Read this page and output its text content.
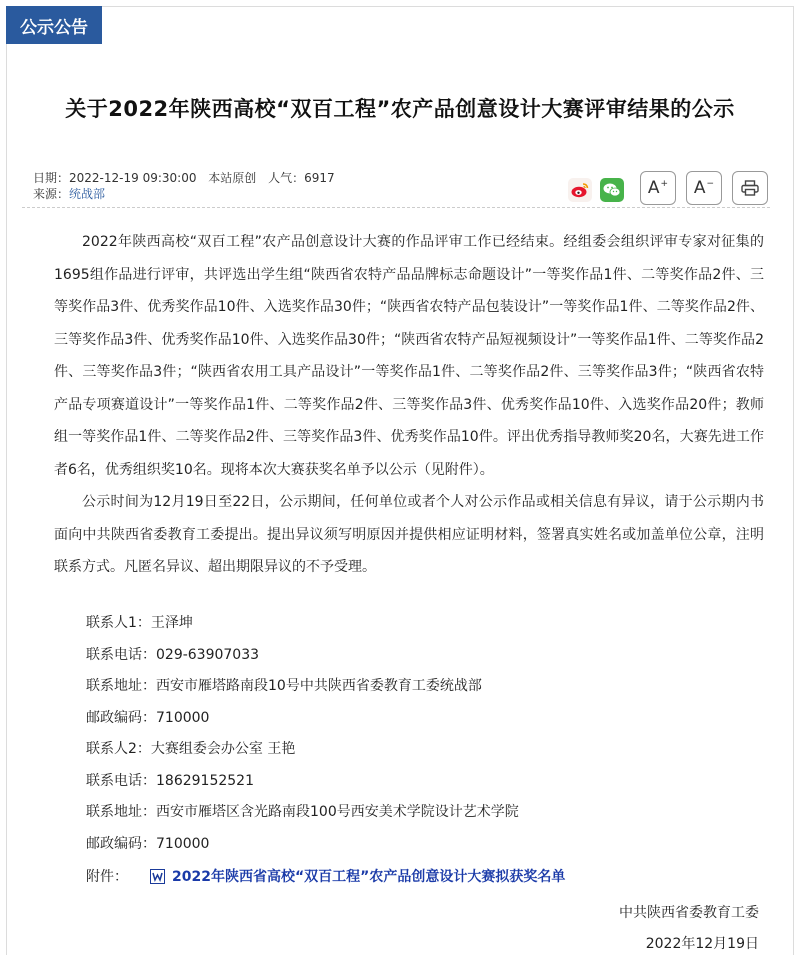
公示公告
关于2022年陕西高校“双百工程”农产品创意设计大赛评审结果的公示
日期：2022-12-19 09:30:00 本站原创 人气：6917
来源：统战部	A+ A−

2022年陕西高校“双百工程”农产品创意设计大赛的作品评审工作已经结束。经组委会组织评审专家对征集的1695组作品进行评审，共评选出学生组“陕西省农特产品品牌标志命题设计”一等奖作品1件、二等奖作品2件、三等奖作品3件、优秀奖作品10件、入选奖作品30件；“陕西省农特产品包装设计”一等奖作品1件、二等奖作品2件、三等奖作品3件、优秀奖作品10件、入选奖作品30件；“陕西省农特产品短视频设计”一等奖作品1件、二等奖作品2件、三等奖作品3件；“陕西省农用工具产品设计”一等奖作品1件、二等奖作品2件、三等奖作品3件；“陕西省农特产品专项赛道设计”一等奖作品1件、二等奖作品2件、三等奖作品3件、优秀奖作品10件、入选奖作品20件；教师组一等奖作品1件、二等奖作品2件、三等奖作品3件、优秀奖作品10件。评出优秀指导教师奖20名，大赛先进工作者6名，优秀组织奖10名。现将本次大赛获奖名单予以公示（见附件）。

公示时间为12月19日至22日，公示期间，任何单位或者个人对公示作品或相关信息有异议，请于公示期内书面向中共陕西省委教育工委提出。提出异议须写明原因并提供相应证明材料，签署真实姓名或加盖单位公章，注明联系方式。凡匿名异议、超出期限异议的不予受理。

联系人1：王泽坤
联系电话：029-63907033
联系地址：西安市雁塔路南段10号中共陕西省委教育工委统战部
邮政编码：710000
联系人2：大赛组委会办公室 王艳
联系电话：18629152521
联系地址：西安市雁塔区含光路南段100号西安美术学院设计艺术学院
邮政编码：710000
附件：	2022年陕西省高校“双百工程”农产品创意设计大赛拟获奖名单
中共陕西省委教育工委
2022年12月19日
